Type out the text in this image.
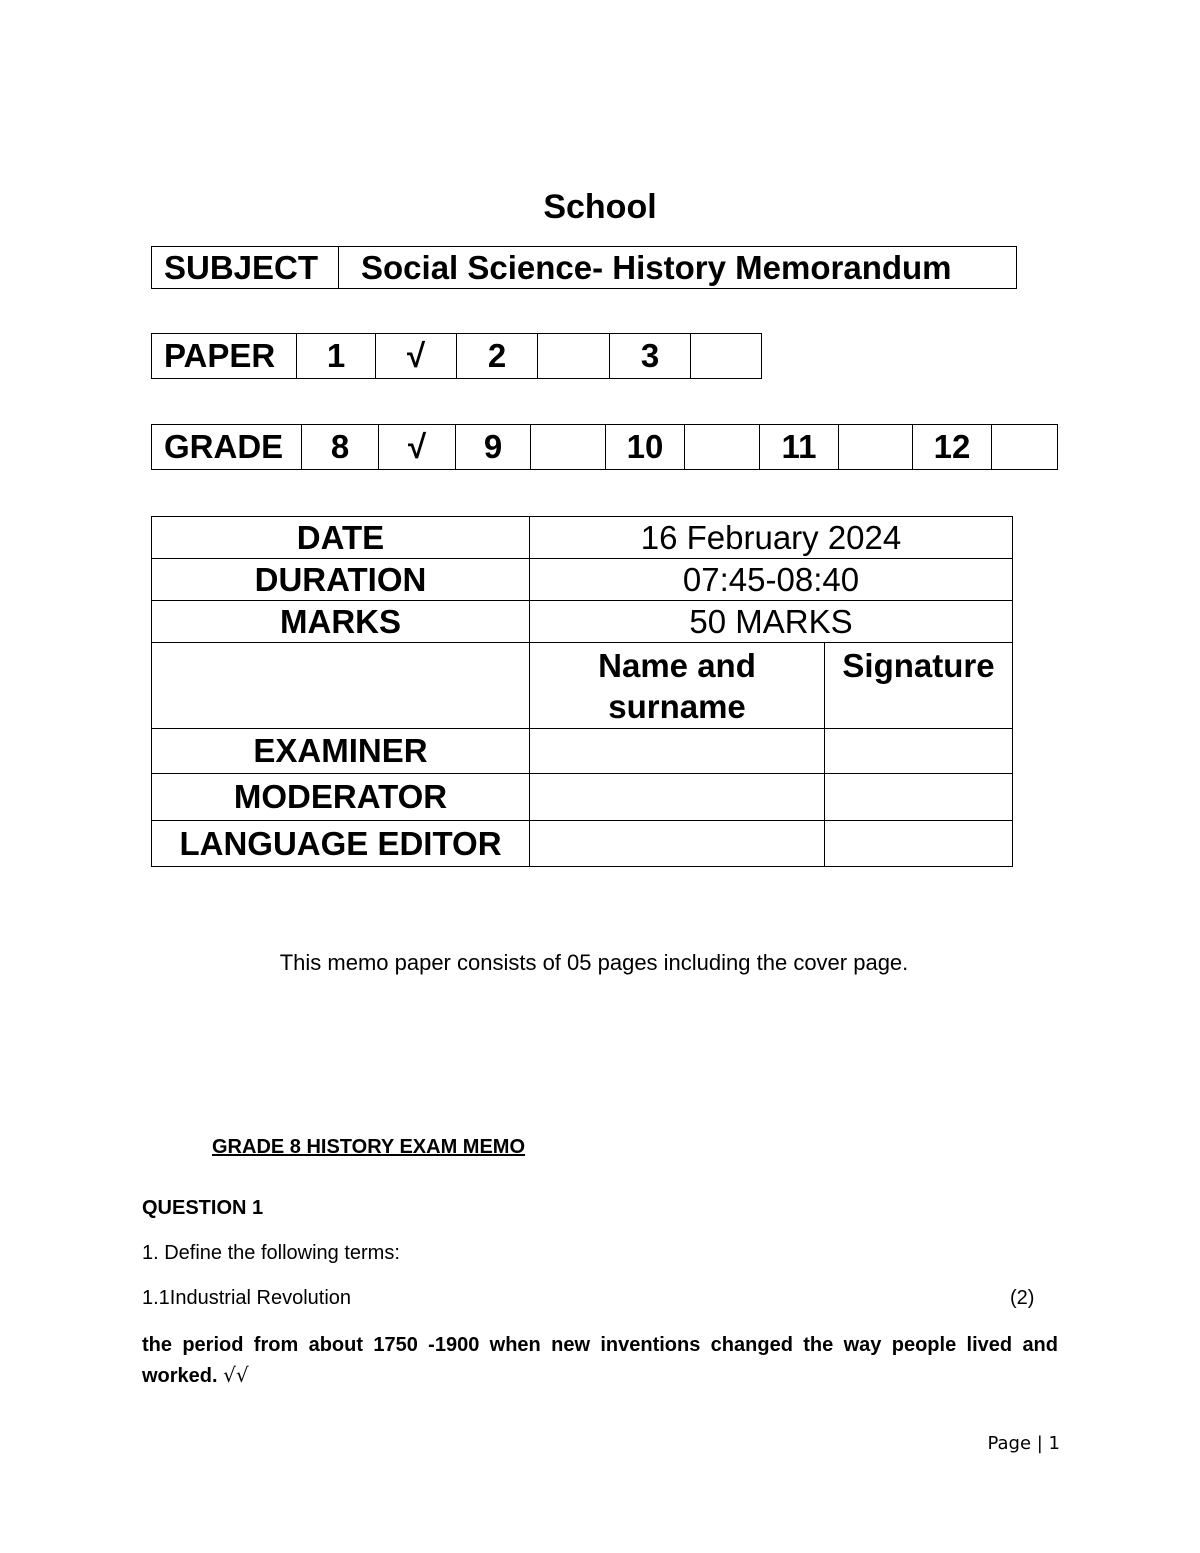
School
SUBJECT	Social Science- History Memorandum
PAPER	1	√	2		3	
GRADE	8	√	9		10		11		12	
DATE	16 February 2024	
DURATION	07:45-08:40	
MARKS	50 MARKS	
	Name and surname	Signature
EXAMINER		
MODERATOR		
LANGUAGE EDITOR		
This memo paper consists of 05 pages including the cover page.
GRADE 8 HISTORY EXAM MEMO
QUESTION 1
1. Define the following terms:
1.1Industrial Revolution	(2)
the period from about 1750 -1900 when new inventions changed the way people lived and worked. √√
Page | 1
